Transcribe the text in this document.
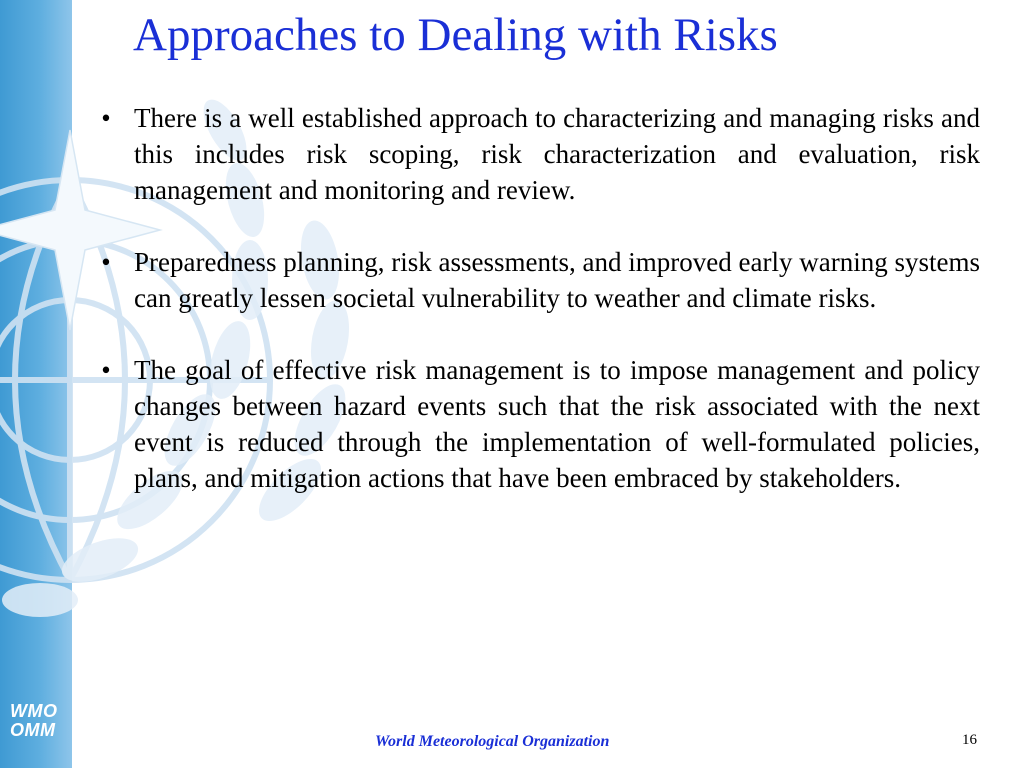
WMO
OMM
Approaches to Dealing with Risks
• There is a well established approach to characterizing and managing risks and this includes risk scoping, risk characterization and evaluation, risk management and monitoring and review.
• Preparedness planning, risk assessments, and improved early warning systems can greatly lessen societal vulnerability to weather and climate risks.
• The goal of effective risk management is to impose management and policy changes between hazard events such that the risk associated with the next event is reduced through the implementation of well-formulated policies, plans, and mitigation actions that have been embraced by stakeholders.
World Meteorological Organization	16
